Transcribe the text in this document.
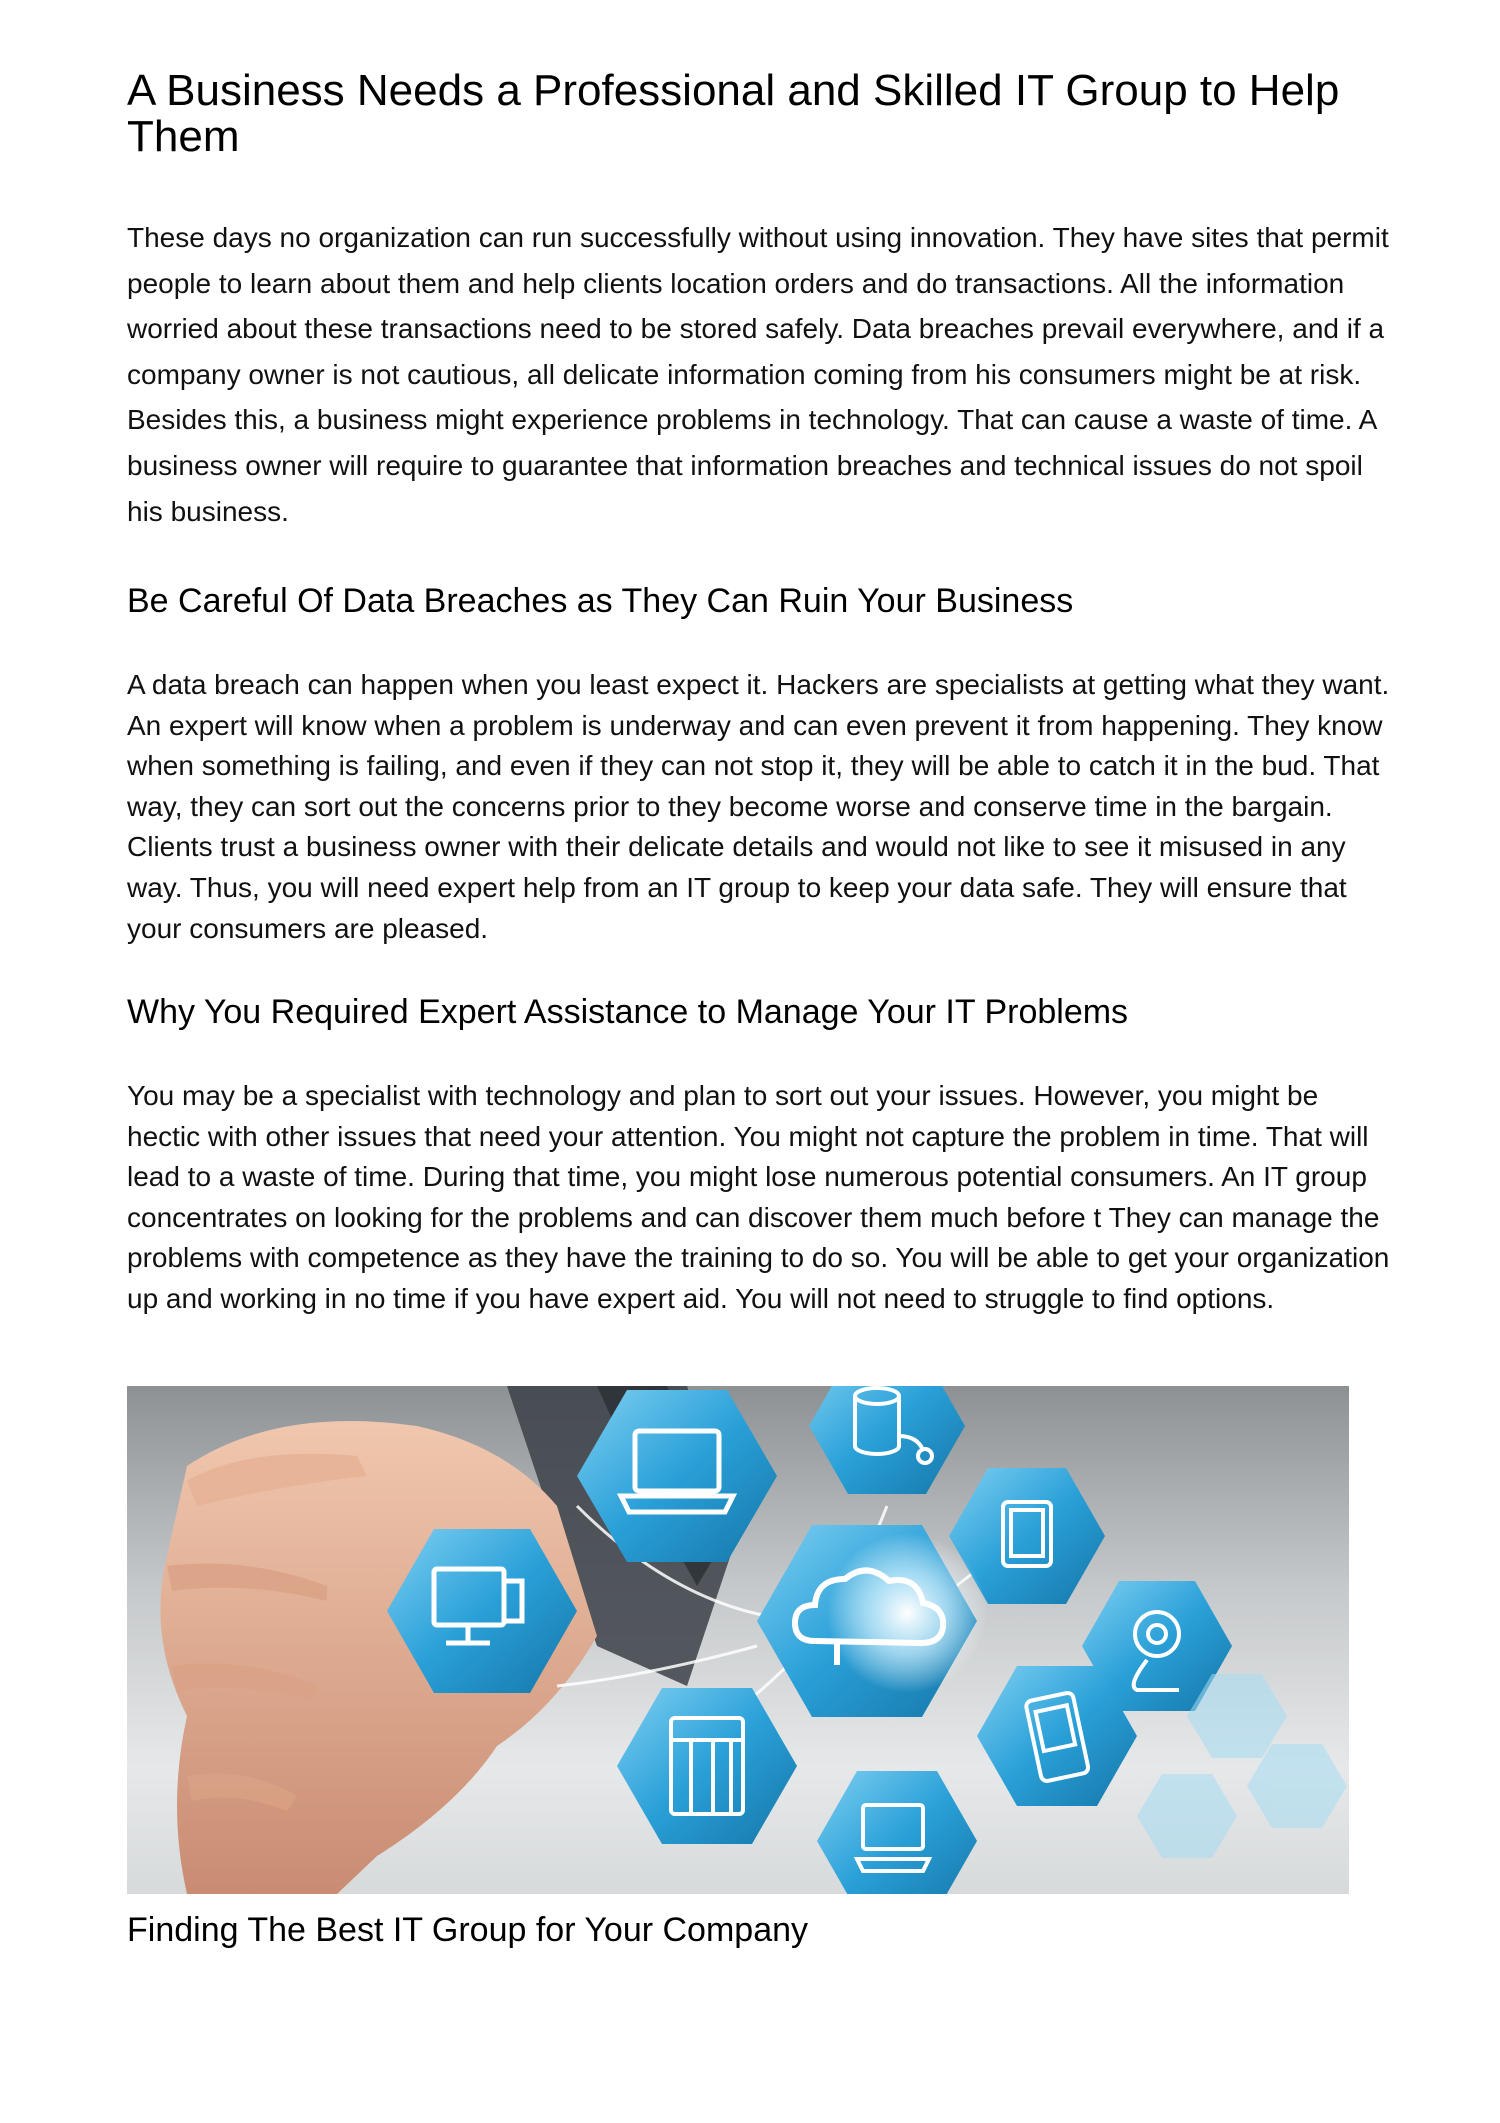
A Business Needs a Professional and Skilled IT Group to Help Them

These days no organization can run successfully without using innovation. They have sites that permit people to learn about them and help clients location orders and do transactions. All the information worried about these transactions need to be stored safely. Data breaches prevail everywhere, and if a company owner is not cautious, all delicate information coming from his consumers might be at risk. Besides this, a business might experience problems in technology. That can cause a waste of time. A business owner will require to guarantee that information breaches and technical issues do not spoil his business.

Be Careful Of Data Breaches as They Can Ruin Your Business

A data breach can happen when you least expect it. Hackers are specialists at getting what they want. An expert will know when a problem is underway and can even prevent it from happening. They know when something is failing, and even if they can not stop it, they will be able to catch it in the bud. That way, they can sort out the concerns prior to they become worse and conserve time in the bargain. Clients trust a business owner with their delicate details and would not like to see it misused in any way. Thus, you will need expert help from an IT group to keep your data safe. They will ensure that your consumers are pleased.

Why You Required Expert Assistance to Manage Your IT Problems

You may be a specialist with technology and plan to sort out your issues. However, you might be hectic with other issues that need your attention. You might not capture the problem in time. That will lead to a waste of time. During that time, you might lose numerous potential consumers. An IT group concentrates on looking for the problems and can discover them much before t They can manage the problems with competence as they have the training to do so. You will be able to get your organization up and working in no time if you have expert aid. You will not need to struggle to find options.

Finding The Best IT Group for Your Company
